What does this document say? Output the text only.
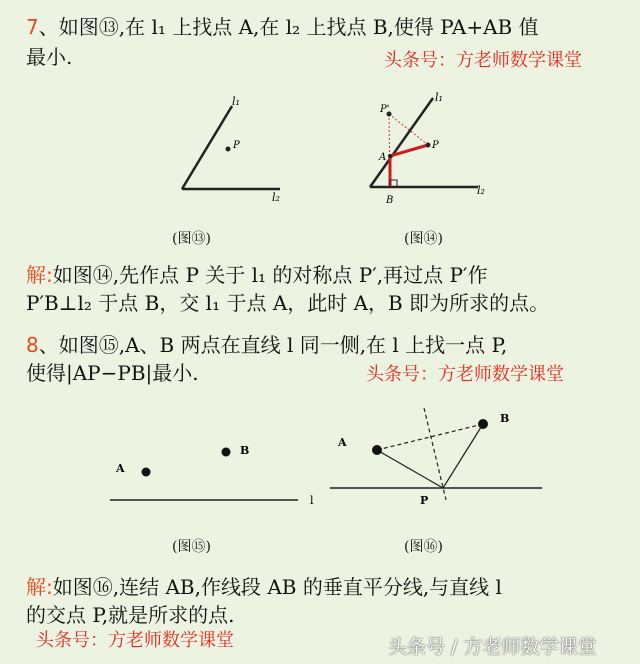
7、如图⑬,在 l₁ 上找点 A,在 l₂ 上找点 B,使得 PA+AB 值
最小.	头条号：方老师数学课堂
l₁
l₂
P
(图⑬)
l₁
l₂
P'
P
A
B
(图⑭)
解:如图⑭,先作点 P 关于 l₁ 的对称点 P′,再过点 P′作
P′B⊥l₂ 于点 B，交 l₁ 于点 A，此时 A，B 即为所求的点。
8、如图⑮,A、B 两点在直线 l 同一侧,在 l 上找一点 P,
使得|AP−PB|最小.	头条号：方老师数学课堂
A
B
l
(图⑮)
A
B
P
(图⑯)
解:如图⑯,连结 AB,作线段 AB 的垂直平分线,与直线 l
的交点 P,就是所求的点.
头条号：方老师数学课堂	头条号 / 方老师数学课堂
